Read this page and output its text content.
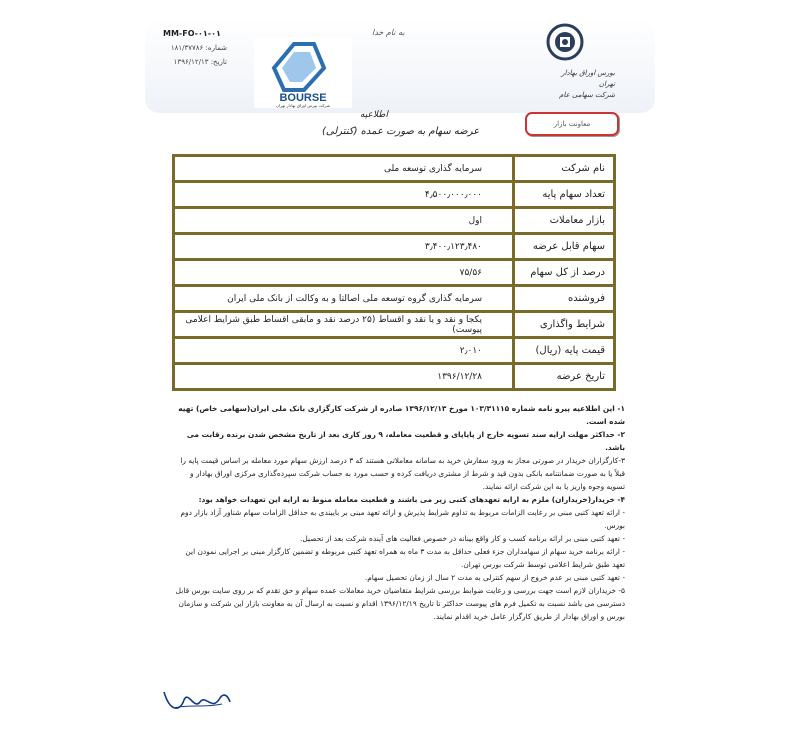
MM-FO-۰۱-۰۱
شماره: ۱۸۱/۳۷۷۸۶
تاریخ: ۱۳۹۶/۱۲/۱۳
به نام خدا
BOURSE
شرکت بورس اوراق بهادار تهران
بورس اوراق بهادار تهران
شرکت سهامی عام
معاونت بازار
اطلاعیه
عرضه سهام به صورت عمده (کنترلی)
نام شرکت	سرمایه گذاری توسعه ملی
تعداد سهام پایه	۴٫۵۰۰٫۰۰۰٫۰۰۰
بازار معاملات	اول
سهام قابل عرضه	۳٫۴۰۰٫۱۲۳٫۴۸۰
درصد از کل سهام	۷۵/۵۶
فروشنده	سرمایه گذاری گروه توسعه ملی اصالتا و به وکالت از بانک ملی ایران
شرایط واگذاری	یکجا و نقد و یا نقد و اقساط (۲۵ درصد نقد و مابقی اقساط طبق شرایط اعلامی پیوست)
قیمت پایه (ریال)	۲٫۰۱۰
تاریخ عرضه	۱۳۹۶/۱۲/۲۸

۱- این اطلاعیه پیرو نامه شماره ۱۰۳/۳۱۱۱۵ مورخ ۱۳۹۶/۱۲/۱۳ صادره از شرکت کارگزاری بانک ملی ایران(سهامی خاص) تهیه شده است.

۲- حداکثر مهلت ارایه سند تسویه خارج از پایاپای و قطعیت معامله، ۹ روز کاری بعد از تاریخ مشخص شدن برنده رقابت می باشد.

۳-کارگزاران خریدار در صورتی مجاز به ورود سفارش خرید به سامانه معاملاتی هستند که ۳ درصد ارزش سهام مورد معامله بر اساس قیمت پایه را قبلاً یا به صورت ضمانتنامه بانکی بدون قید و شرط از مشتری دریافت کرده و حسب مورد به حساب شرکت سپرده‌گذاری مرکزی اوراق بهادار و تسویه وجوه واریز یا به این شرکت ارائه نمایند.

۴- خریدار(خریداران) ملزم به ارایه تعهدهای کتبی زیر می باشند و قطعیت معامله منوط به ارایه این تعهدات خواهد بود:

- ارائه تعهد کتبی مبنی بر رعایت الزامات مربوط به تداوم شرایط پذیرش و ارائه تعهد مبنی بر بایبندی به حداقل الزامات سهام شناور آزاد بازار دوم بورس.

- تعهد کتبی مبنی بر ارائه برنامه کسب و کار واقع بینانه در خصوص فعالیت های آینده شرکت بعد از تحصیل.

- ارائه برنامه خرید سهام از سهامداران جزء فعلی حداقل به مدت ۳ ماه به همراه تعهد کتبی مربوطه و تضمین کارگزار مبنی بر اجرایی نمودن این تعهد طبق شرایط اعلامی توسط شرکت بورس تهران.

- تعهد کتبی مبنی بر عدم خروج از سهم کنترلی به مدت ۲ سال از زمان تحصیل سهام.

۵- خریداران لازم است جهت بررسی و رعایت ضوابط بررسی شرایط متقاضیان خرید معاملات عمده سهام و حق تقدم که بر روی سایت بورس قابل دسترسی می باشد نسبت به تکمیل فرم های پیوست حداکثر تا تاریخ ۱۳۹۶/۱۲/۱۹ اقدام و نسبت به ارسال آن به معاونت بازار این شرکت و سازمان بورس و اوراق بهادار از طریق کارگزار عامل خرید اقدام نمایند.
